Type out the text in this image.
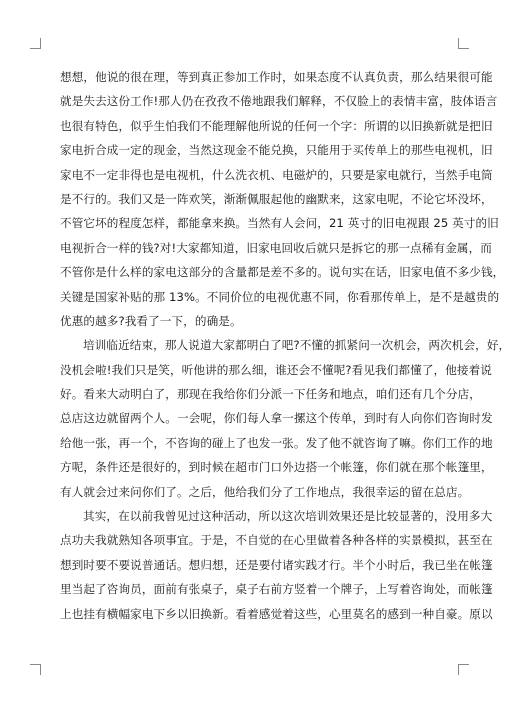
想想，他说的很在理，等到真正参加工作时，如果态度不认真负责，那么结果很可能
就是失去这份工作!那人仍在孜孜不倦地跟我们解释，不仅脸上的表情丰富，肢体语言
也很有特色，似乎生怕我们不能理解他所说的任何一个字：所谓的以旧换新就是把旧
家电折合成一定的现金，当然这现金不能兑换，只能用于买传单上的那些电视机，旧
家电不一定非得也是电视机，什么洗衣机、电磁炉的，只要是家电就行，当然手电筒
是不行的。我们又是一阵欢笑，渐渐佩服起他的幽默来，这家电呢，不论它坏没坏，
不管它坏的程度怎样，都能拿来换。当然有人会问，21 英寸的旧电视跟 25 英寸的旧
电视折合一样的钱?对!大家都知道，旧家电回收后就只是拆它的那一点稀有金属，而
不管你是什么样的家电这部分的含量都是差不多的。说句实在话，旧家电值不多少钱，
关键是国家补贴的那 13%。不同价位的电视优惠不同，你看那传单上，是不是越贵的
优惠的越多?我看了一下，的确是。
培训临近结束，那人说道大家都明白了吧?不懂的抓紧问一次机会，两次机会，好，
没机会啦!我们只是笑，听他讲的那么细，谁还会不懂呢?看见我们都懂了，他接着说
好。看来大动明白了，那现在我给你们分派一下任务和地点，咱们还有几个分店，
总店这边就留两个人。一会呢，你们每人拿一摞这个传单，到时有人向你们咨询时发
给他一张，再一个，不咨询的碰上了也发一张。发了他不就咨询了嘛。你们工作的地
方呢，条件还是很好的，到时候在超市门口外边搭一个帐篷，你们就在那个帐篷里，
有人就会过来问你们了。之后，他给我们分了工作地点，我很幸运的留在总店。
其实，在以前我曾见过这种活动，所以这次培训效果还是比较显著的，没用多大
点功夫我就熟知各项事宜。于是，不自觉的在心里做着各种各样的实景模拟，甚至在
想到时要不要说普通话。想归想，还是要付诸实践才行。半个小时后，我已坐在帐篷
里当起了咨询员，面前有张桌子，桌子右前方竖着一个牌子，上写着咨询处，而帐篷
上也挂有横幅家电下乡以旧换新。看着感觉着这些，心里莫名的感到一种自豪。原以
